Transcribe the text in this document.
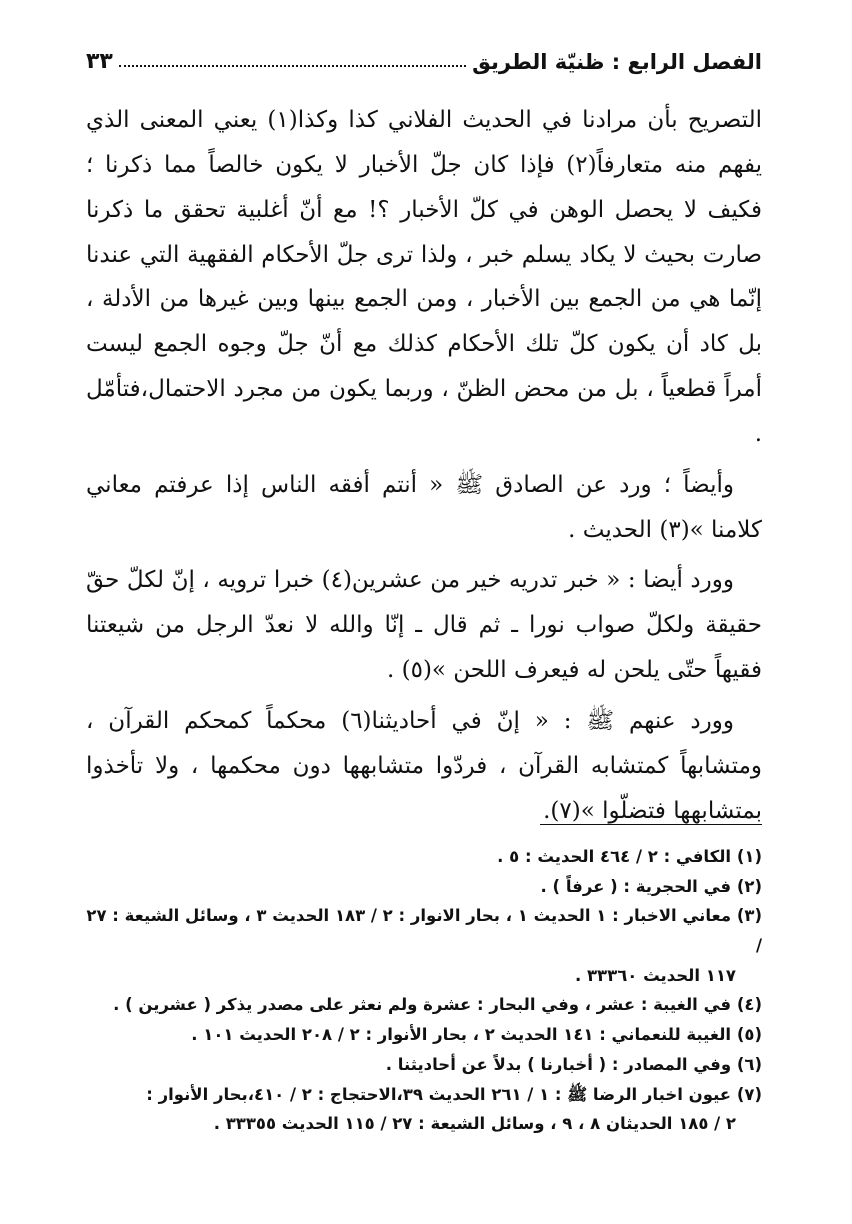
الفصل الرابع : ظنيّة الطريق
٣٣

التصريح بأن مرادنا في الحديث الفلاني كذا وكذا(١) يعني المعنى الذي يفهم منه متعارفاً(٢) فإذا كان جلّ الأخبار لا يكون خالصاً مما ذكرنا ؛ فكيف لا يحصل الوهن في كلّ الأخبار ؟! مع أنّ أغلبية تحقق ما ذكرنا صارت بحيث لا يكاد يسلم خبر ، ولذا ترى جلّ الأحكام الفقهية التي عندنا إنّما هي من الجمع بين الأخبار ، ومن الجمع بينها وبين غيرها من الأدلة ، بل كاد أن يكون كلّ تلك الأحكام كذلك مع أنّ جلّ وجوه الجمع ليست أمراً قطعياً ، بل من محض الظنّ ، وربما يكون من مجرد الاحتمال،فتأمّل .

وأيضاً ؛ ورد عن الصادق ﷺ « أنتم أفقه الناس إذا عرفتم معاني كلامنا »(٣) الحديث .

وورد أيضا : « خبر تدريه خير من عشرين(٤) خبرا ترويه ، إنّ لكلّ حقّ حقيقة ولكلّ صواب نورا ـ ثم قال ـ إنّا والله لا نعدّ الرجل من شيعتنا فقيهاً حتّى يلحن له فيعرف اللحن »(٥) .

وورد عنهم ﷺ : « إنّ في أحاديثنا(٦) محكماً كمحكم القرآن ، ومتشابهاً كمتشابه القرآن ، فردّوا متشابهها دون محكمها ، ولا تأخذوا بمتشابهها فتضلّوا »(٧).

(١) الكافي : ٢ / ٤٦٤ الحديث : ٥ .

(٢) في الحجرية : ( عرفاً ) .

(٣) معاني الاخبار : ١ الحديث ١ ، بحار الانوار : ٢ / ١٨٣ الحديث ٣ ، وسائل الشيعة : ٢٧ /
١١٧ الحديث ٣٣٣٦٠ .

(٤) في الغيبة : عشر ، وفي البحار : عشرة ولم نعثر على مصدر يذكر ( عشرين ) .

(٥) الغيبة للنعماني : ١٤١ الحديث ٢ ، بحار الأنوار : ٢ / ٢٠٨ الحديث ١٠١ .

(٦) وفي المصادر : ( أخبارنا ) بدلاً عن أحاديثنا .

(٧) عيون اخبار الرضا ﷺ : ١ / ٢٦١ الحديث ٣٩،الاحتجاج : ٢ / ٤١٠،بحار الأنوار :
٢ / ١٨٥ الحديثان ٨ ، ٩ ، وسائل الشيعة : ٢٧ / ١١٥ الحديث ٣٣٣٥٥ .
